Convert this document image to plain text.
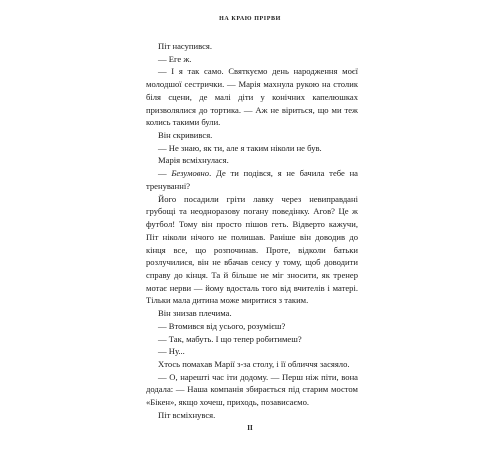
НА КРАЮ ПРІРВИ

Піт насупився.

— Еге ж.

— І я так само. Святкуємо день народження моєї молодшої сестрички. — Марія махнула рукою на столик біля сцени, де малі діти у конічних капелюшках призволялися до тортика. — Аж не віриться, що ми теж колись такими були.

Він скривився.

— Не знаю, як ти, але я таким ніколи не був.

Марія всміхнулася.

— Безумовно. Де ти подівся, я не бачила тебе на тренуванні?

Його посадили гріти лавку через невиправдані грубощі та неодноразову погану поведінку. Агов? Це ж футбол! Тому він просто пішов геть. Відверто кажучи, Піт ніколи нічого не полишав. Раніше він доводив до кінця все, що розпочинав. Проте, відколи батьки розлучилися, він не вбачав сенсу у тому, щоб доводити справу до кінця. Та й більше не міг зносити, як тренер мотає нерви — йому вдосталь того від вчителів і матері. Тільки мала дитина може миритися з таким.

Він знизав плечима.

— Втомився від усього, розумієш?

— Так, мабуть. І що тепер робитимеш?

— Ну...

Хтось помахав Марії з-за столу, і її обличчя засяяло.

— О, нарешті час іти додому. — Перш ніж піти, вона додала: — Наша компанія збирається під старим мостом «Бікен», якщо хочеш, приходь, позависаємо.

Піт всміхнувся.

II
